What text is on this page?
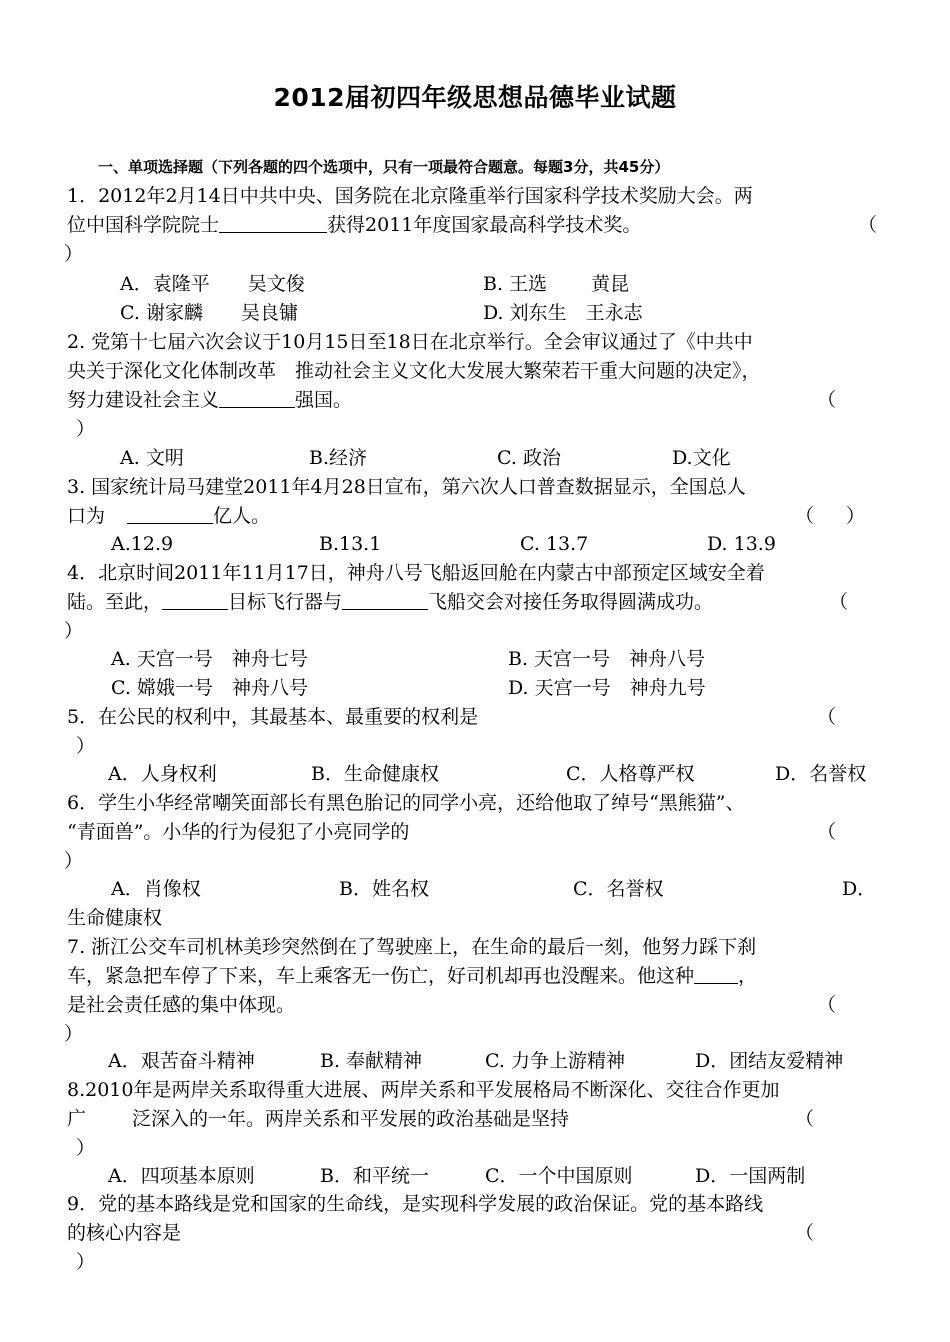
2012届初四年级思想品德毕业试题
一、单项选择题（下列各题的四个选项中，只有一项最符合题意。每题3分，共45分）
1．2012年2月14日中共中央、国务院在北京隆重举行国家科学技术奖励大会。两
位中国科学院院士	获得2011年度国家最高科学技术奖。	（
）
A．袁隆平　　吴文俊	B. 王选　　 黄昆
C. 谢家麟　　吴良镛	D. 刘东生　王永志
2. 党第十七届六次会议于10月15日至18日在北京举行。全会审议通过了《中共中
央关于深化文化体制改革　推动社会主义文化大发展大繁荣若干重大问题的决定》，
努力建设社会主义	强国。	（
）
A. 文明	B.经济	C. 政治	D.文化
3. 国家统计局马建堂2011年4月28日宣布，第六次人口普查数据显示，全国总人
口为	亿人。	（ ）
A.12.9	B.13.1	C. 13.7	D. 13.9
4．北京时间2011年11月17日，神舟八号飞船返回舱在内蒙古中部预定区域安全着
陆。至此，	目标飞行器与	飞船交会对接任务取得圆满成功。	（
）
A. 天宫一号　神舟七号	B. 天宫一号　神舟八号
C. 嫦娥一号　神舟八号	D. 天宫一号　神舟九号
5．在公民的权利中，其最基本、最重要的权利是	（
）
A．人身权利	B．生命健康权	C．人格尊严权	D．名誉权
6．学生小华经常嘲笑面部长有黑色胎记的同学小亮，还给他取了绰号“黑熊猫”、
“青面兽”。小华的行为侵犯了小亮同学的	（
）
A．肖像权	B．姓名权	C．名誉权	D．
生命健康权
7. 浙江公交车司机林美珍突然倒在了驾驶座上，在生命的最后一刻，他努力踩下刹
车，紧急把车停了下来，车上乘客无一伤亡，好司机却再也没醒来。他这种 ，
是社会责任感的集中体现。	（
）
A．艰苦奋斗精神	B. 奉献精神	C. 力争上游精神	D．团结友爱精神
8.2010年是两岸关系取得重大进展、两岸关系和平发展格局不断深化、交往合作更加
广 泛深入的一年。两岸关系和平发展的政治基础是坚持	（
）
A．四项基本原则	B．和平统一	C．一个中国原则	D．一国两制
9．党的基本路线是党和国家的生命线，是实现科学发展的政治保证。党的基本路线
的核心内容是	（
）
